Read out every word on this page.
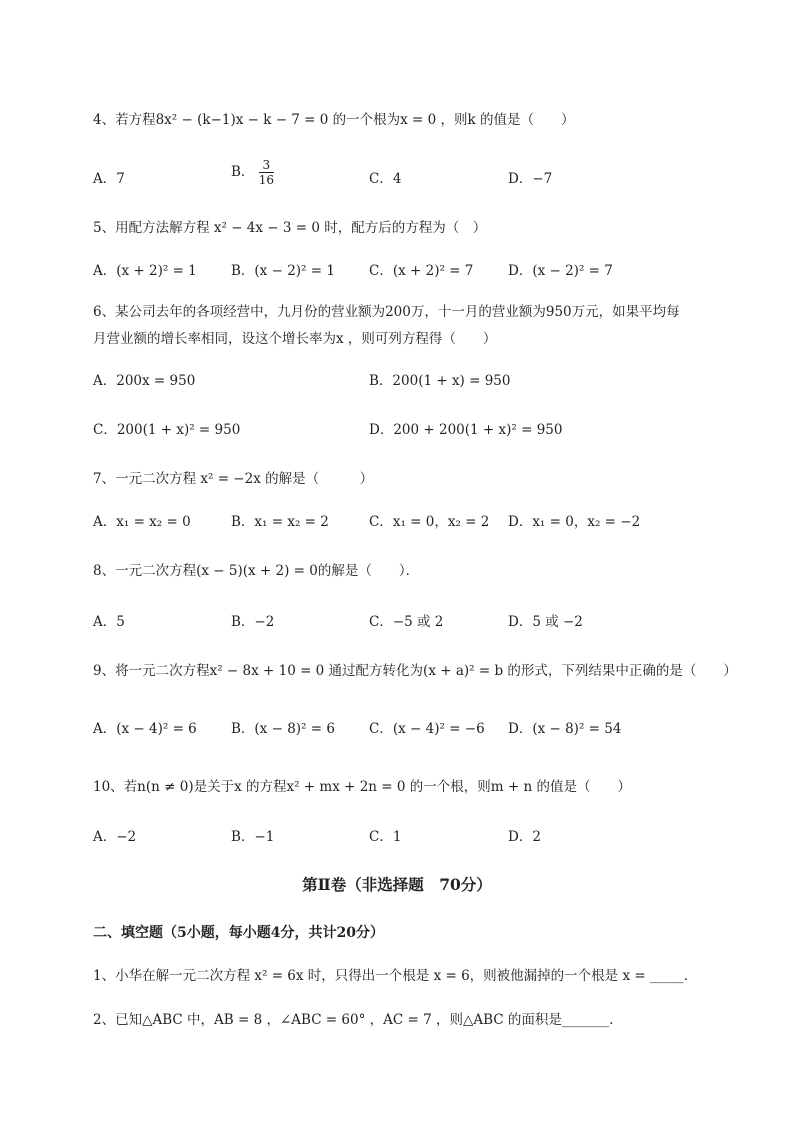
4、若方程8x² − (k−1)x − k − 7 = 0 的一个根为x = 0 ，则k 的值是（　　）
A．7	B． $\frac{3}{16}$	C．4	D．−7
5、用配方法解方程 x² − 4x − 3 = 0 时，配方后的方程为（　）
A．(x + 2)² = 1	B．(x − 2)² = 1	C．(x + 2)² = 7	D．(x − 2)² = 7
6、某公司去年的各项经营中，九月份的营业额为200万，十一月的营业额为950万元，如果平均每
月营业额的增长率相同，设这个增长率为x ，则可列方程得（　　）
A．200x = 950	B．200(1 + x) = 950
C．200(1 + x)² = 950	D．200 + 200(1 + x)² = 950
7、一元二次方程 x² = −2x 的解是（　　　）
A．x₁ = x₂ = 0	B．x₁ = x₂ = 2	C．x₁ = 0，x₂ = 2 D．x₁ = 0，x₂ = −2
8、一元二次方程(x − 5)(x + 2) = 0的解是（　　）．
A．5	B．−2	C．−5 或 2	D．5 或 −2
9、将一元二次方程x² − 8x + 10 = 0 通过配方转化为(x + a)² = b 的形式，下列结果中正确的是（　　）
A．(x − 4)² = 6	B．(x − 8)² = 6	C．(x − 4)² = −6 D．(x − 8)² = 54
10、若n(n ≠ 0)是关于x 的方程x² + mx + 2n = 0 的一个根，则m + n 的值是（　　）
A．−2	B．−1	C．1	D．2
第Ⅱ卷（非选择题　70分）
二、填空题（5小题，每小题4分，共计20分）
1、小华在解一元二次方程 x² = 6x 时，只得出一个根是 x = 6，则被他漏掉的一个根是 x = _____．
2、已知△ABC 中，AB = 8 ，∠ABC = 60° ，AC = 7 ，则△ABC 的面积是_______.
